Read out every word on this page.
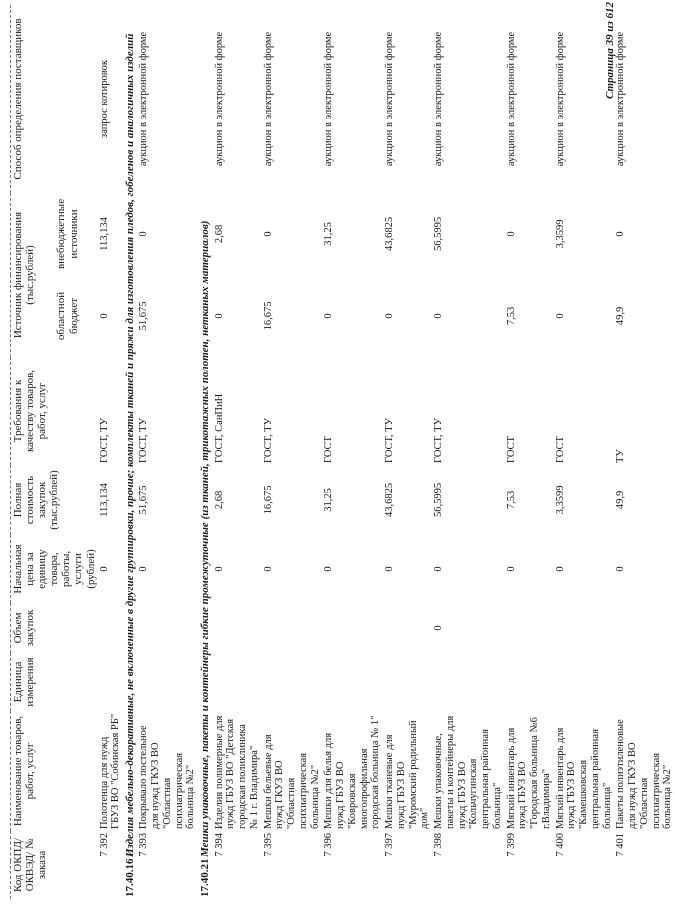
Код ОКПД/ ОКВЭД/ № заказа		Наименование товаров, работ, услуг	Единица измерения	Объем закупок	Начальная цена за единицу товара, работы, услуги (рублей)	Полная стоимость закупок (тыс.рублей)	Требования к качеству товаров, работ, услуг	Источник финансирования (тыс.рублей)		Способ определения поставщиков
								областной бюджет	внебюджетные источники	
	7 392	Полотенца для нужд ГБУЗ ВО "Собинская РБ"			0	113,134	ГОСТ, ТУ	0	113,134	запрос котировок
17.40.16Изделия мебельно-декоративные, не включенные в другие группировки, прочие; комплекты тканей и пряжи для изготовления пледов, гобеленов и аналогичных изделий										
	7 393	Покрывало постельное для нужд ГКУЗ ВО "Областная психиатрическая больница №2"			0	51,675	ГОСТ, ТУ	51,675	0	аукцион в электронной форме
17.40.21Мешки упаковочные, пакеты и контейнеры гибкие промежуточные (из тканей, трикотажных полотен, нетканых материалов)										
	7 394	Изделия полимерные для нужд ГБУЗ ВО "Детская городская поликлиника № 1 г. Владимира"			0	2,68	ГОСТ, СанПиН	0	2,68	аукцион в электронной форме
	7 395	Мешки бельевые для нужд ГКУЗ ВО "Областная психиатрическая больница №2"			0	16,675	ГОСТ, ТУ	16,675	0	аукцион в электронной форме
	7 396	Мешки для белья для нужд ГБУЗ ВО "Ковровская многопрофильная городская больница № 1"			0	31,25	ГОСТ	0	31,25	аукцион в электронной форме
	7 397	Мешки тканевые для нужд ГБУЗ ВО "Муромский родильный дом"			0	43,6825	ГОСТ, ТУ	0	43,6825	аукцион в электронной форме
	7 398	Мешки упаковочные, пакеты и контейнеры для нужд ГБУЗ ВО "Кольчугинская центральная районная больница"		0	0	56,5995	ГОСТ, ТУ	0	56,5995	аукцион в электронной форме
	7 399	Мягкий инвентарь для нужд ГБУЗ ВО "Городская больница №6 г.Владимира"			0	7,53	ГОСТ	7,53	0	аукцион в электронной форме
	7 400	Мягкий инвентарь для нужд ГБУЗ ВО "Камешковская центральная районная больница"			0	3,3599	ГОСТ	0	3,3599	аукцион в электронной форме
	7 401	Пакеты полиэтиленовые для нужд ГКУЗ ВО "Областная психиатрическая больница №2"			0	49,9	ТУ	49,9	0	аукцион в электронной форме
Страница 39 из 612
